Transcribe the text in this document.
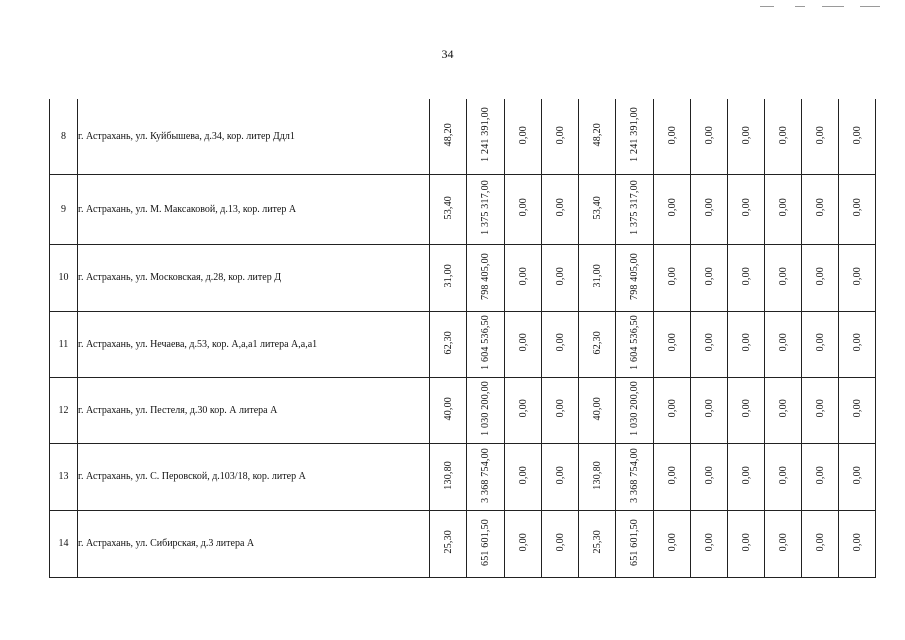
34
8	г. Астрахань, ул. Куйбышева, д.34, кор. литер Ддл1	48,20	1 241 391,00	0,00	0,00	48,20	1 241 391,00	0,00	0,00	0,00	0,00	0,00	0,00
9	г. Астрахань, ул. М. Максаковой, д.13, кор. литер А	53,40	1 375 317,00	0,00	0,00	53,40	1 375 317,00	0,00	0,00	0,00	0,00	0,00	0,00
10	г. Астрахань, ул. Московская, д.28, кор. литер Д	31,00	798 405,00	0,00	0,00	31,00	798 405,00	0,00	0,00	0,00	0,00	0,00	0,00
11	г. Астрахань, ул. Нечаева, д.53, кор. А,а,а1 литера А,а,а1	62,30	1 604 536,50	0,00	0,00	62,30	1 604 536,50	0,00	0,00	0,00	0,00	0,00	0,00
12	г. Астрахань, ул. Пестеля, д.30 кор. А литера А	40,00	1 030 200,00	0,00	0,00	40,00	1 030 200,00	0,00	0,00	0,00	0,00	0,00	0,00
13	г. Астрахань, ул. С. Перовской, д.103/18, кор. литер А	130,80	3 368 754,00	0,00	0,00	130,80	3 368 754,00	0,00	0,00	0,00	0,00	0,00	0,00
14	г. Астрахань, ул. Сибирская, д.3 литера А	25,30	651 601,50	0,00	0,00	25,30	651 601,50	0,00	0,00	0,00	0,00	0,00	0,00
